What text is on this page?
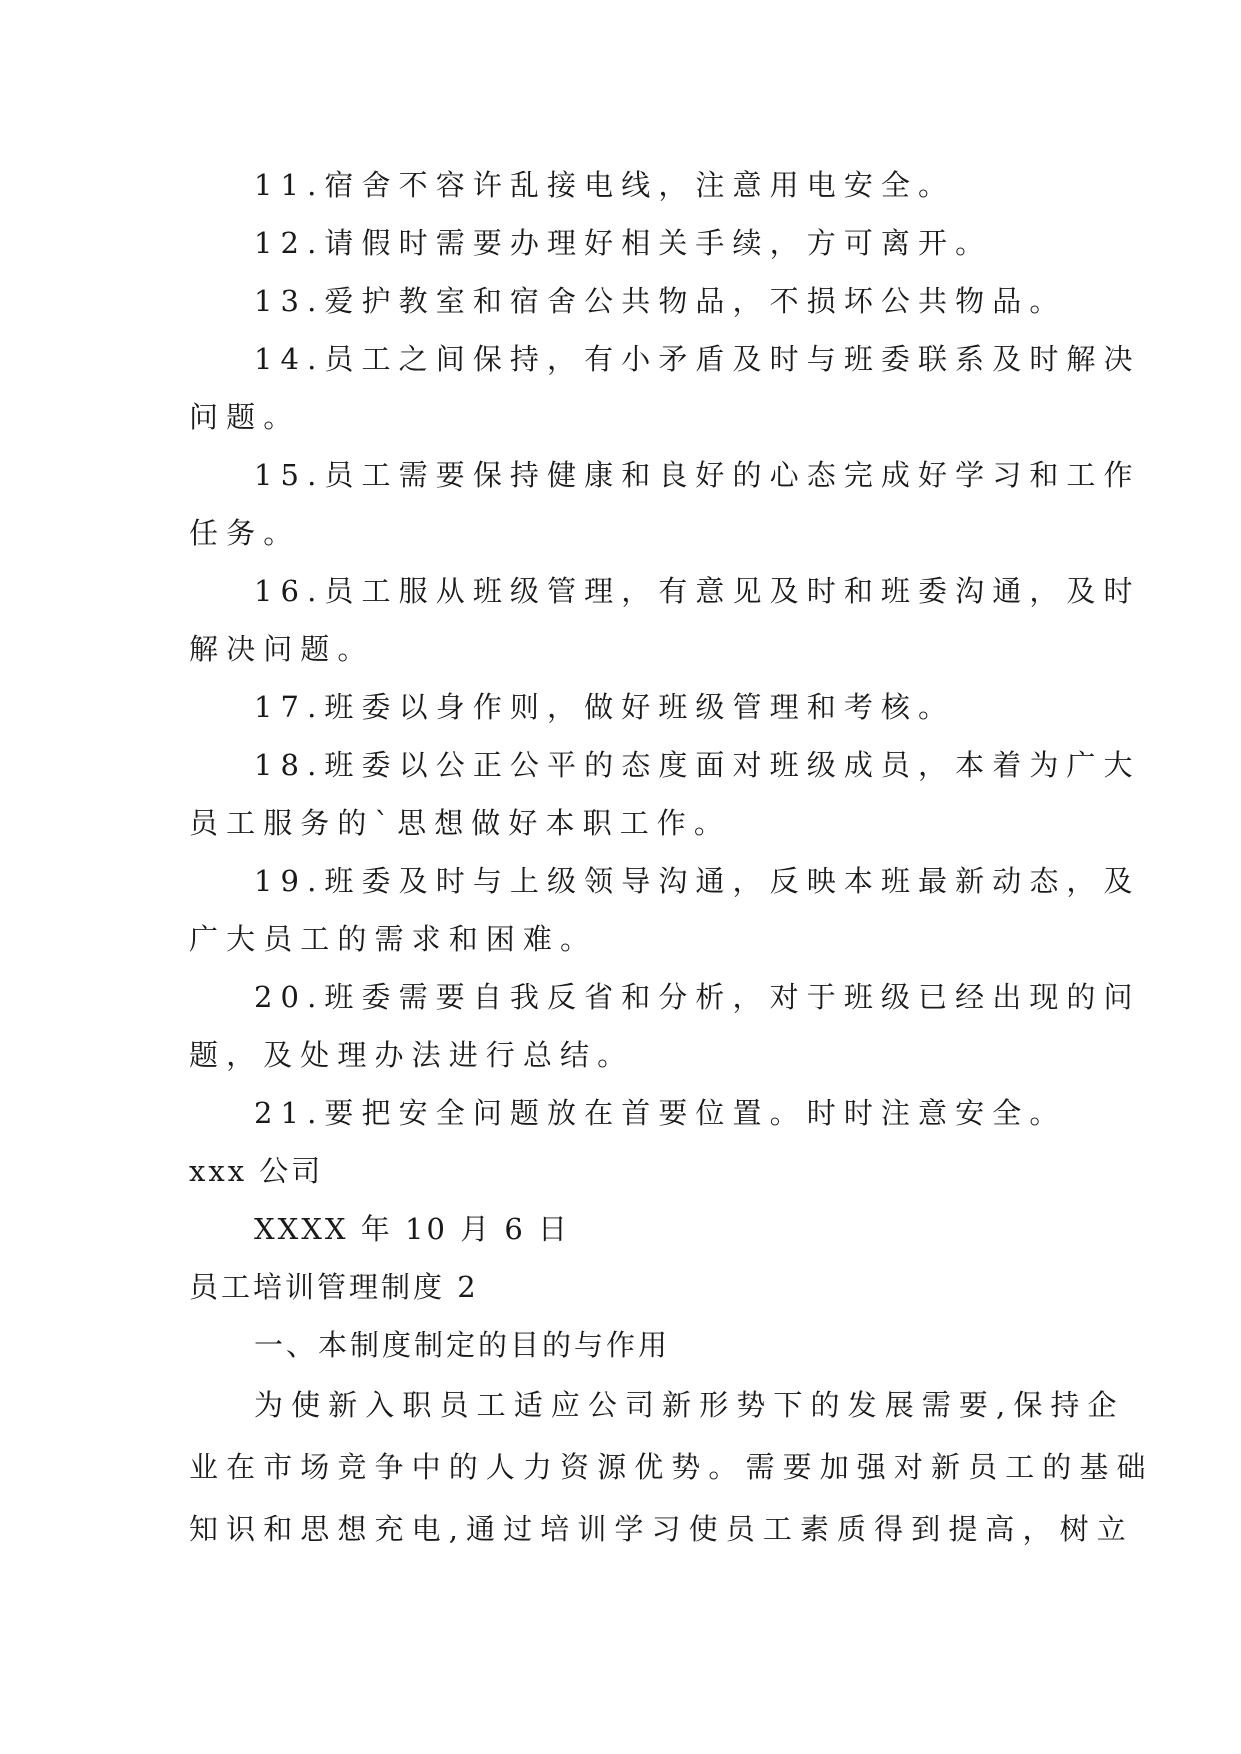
11.宿舍不容许乱接电线，注意用电安全。
12.请假时需要办理好相关手续，方可离开。
13.爱护教室和宿舍公共物品，不损坏公共物品。
14.员工之间保持，有小矛盾及时与班委联系及时解决
问题。
15.员工需要保持健康和良好的心态完成好学习和工作
任务。
16.员工服从班级管理，有意见及时和班委沟通，及时
解决问题。
17.班委以身作则，做好班级管理和考核。
18.班委以公正公平的态度面对班级成员，本着为广大
员工服务的`思想做好本职工作。
19.班委及时与上级领导沟通，反映本班最新动态，及
广大员工的需求和困难。
20.班委需要自我反省和分析，对于班级已经出现的问
题，及处理办法进行总结。
21.要把安全问题放在首要位置。时时注意安全。
xxx 公司
XXXX 年 10 月 6 日
员工培训管理制度 2
一、本制度制定的目的与作用
为使新入职员工适应公司新形势下的发展需要,保持企
业在市场竞争中的人力资源优势。需要加强对新员工的基础
知识和思想充电,通过培训学习使员工素质得到提高，树立
